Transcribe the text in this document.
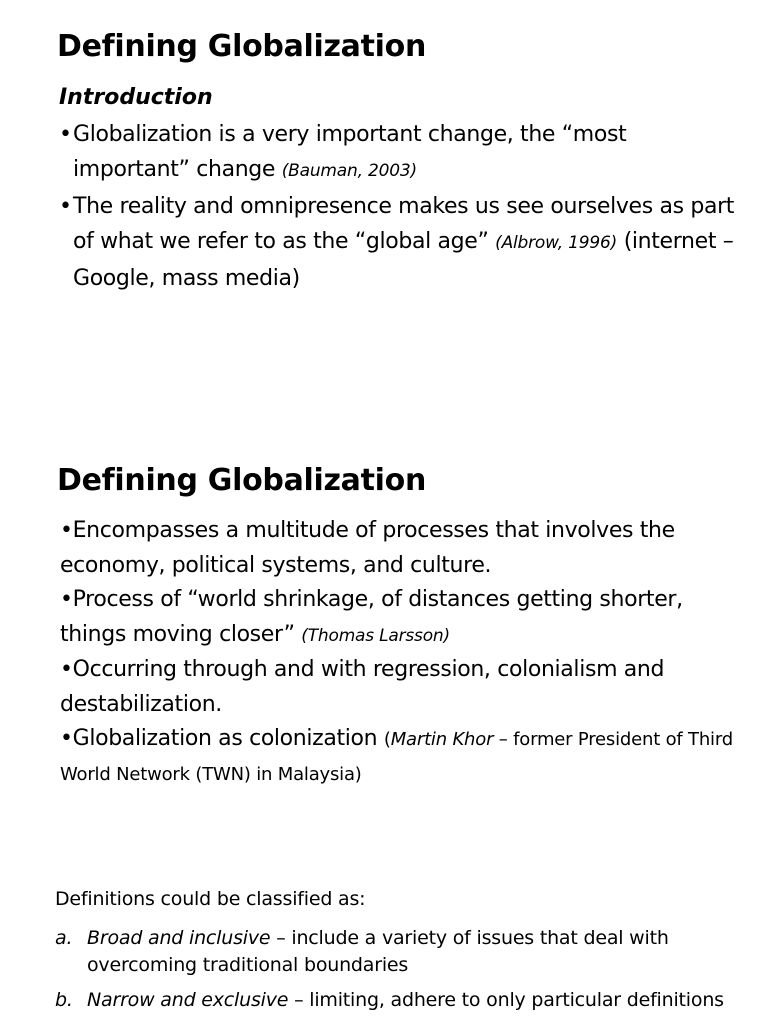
Defining Globalization
Introduction
• Globalization is a very important change, the “most important” change (Bauman, 2003)
• The reality and omnipresence makes us see ourselves as part of what we refer to as the “global age” (Albrow, 1996) (internet – Google, mass media)
Defining Globalization
•Encompasses a multitude of processes that involves the economy, political systems, and culture.
•Process of “world shrinkage, of distances getting shorter, things moving closer” (Thomas Larsson)
•Occurring through and with regression, colonialism and destabilization.
•Globalization as colonization (Martin Khor – former President of Third World Network (TWN) in Malaysia)

Definitions could be classified as:

a. Broad and inclusive – include a variety of issues that deal with overcoming traditional boundaries
b. Narrow and exclusive – limiting, adhere to only particular definitions
